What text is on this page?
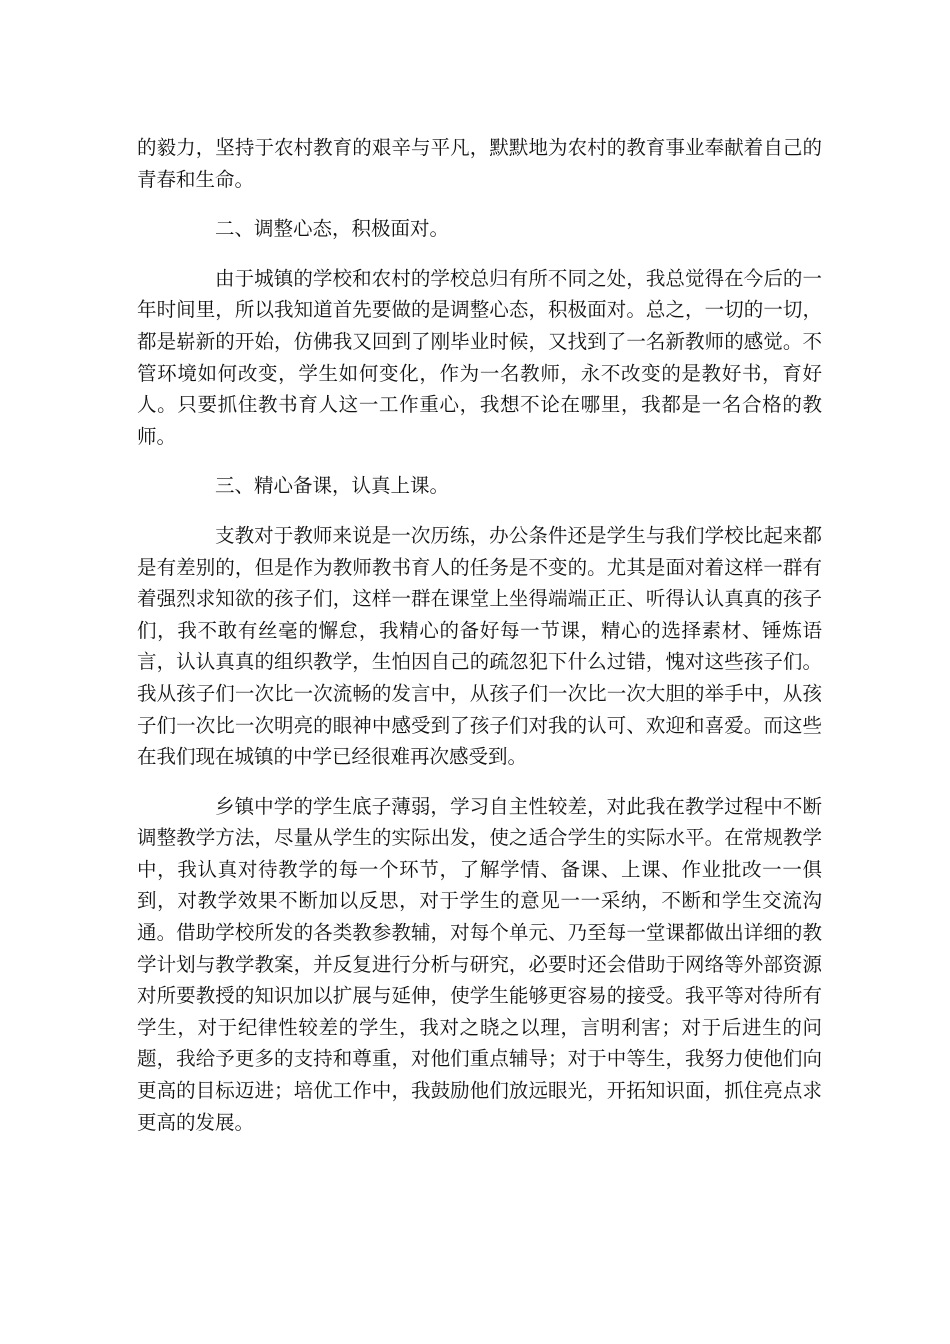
的毅力，坚持于农村教育的艰辛与平凡，默默地为农村的教育事业奉献着自己的青春和生命。

二、调整心态，积极面对。

由于城镇的学校和农村的学校总归有所不同之处，我总觉得在今后的一年时间里，所以我知道首先要做的是调整心态，积极面对。总之，一切的一切，都是崭新的开始，仿佛我又回到了刚毕业时候，又找到了一名新教师的感觉。不管环境如何改变，学生如何变化，作为一名教师，永不改变的是教好书，育好人。只要抓住教书育人这一工作重心，我想不论在哪里，我都是一名合格的教师。

三、精心备课，认真上课。

支教对于教师来说是一次历练，办公条件还是学生与我们学校比起来都是有差别的，但是作为教师教书育人的任务是不变的。尤其是面对着这样一群有着强烈求知欲的孩子们，这样一群在课堂上坐得端端正正、听得认认真真的孩子们，我不敢有丝毫的懈怠，我精心的备好每一节课，精心的选择素材、锤炼语言，认认真真的组织教学，生怕因自己的疏忽犯下什么过错，愧对这些孩子们。我从孩子们一次比一次流畅的发言中，从孩子们一次比一次大胆的举手中，从孩子们一次比一次明亮的眼神中感受到了孩子们对我的认可、欢迎和喜爱。而这些在我们现在城镇的中学已经很难再次感受到。

乡镇中学的学生底子薄弱，学习自主性较差，对此我在教学过程中不断调整教学方法，尽量从学生的实际出发，使之适合学生的实际水平。在常规教学中，我认真对待教学的每一个环节，了解学情、备课、上课、作业批改一一俱到，对教学效果不断加以反思，对于学生的意见一一采纳，不断和学生交流沟通。借助学校所发的各类教参教辅，对每个单元、乃至每一堂课都做出详细的教学计划与教学教案，并反复进行分析与研究，必要时还会借助于网络等外部资源对所要教授的知识加以扩展与延伸，使学生能够更容易的接受。我平等对待所有学生，对于纪律性较差的学生，我对之晓之以理，言明利害；对于后进生的问题，我给予更多的支持和尊重，对他们重点辅导；对于中等生，我努力使他们向更高的目标迈进；培优工作中，我鼓励他们放远眼光，开拓知识面，抓住亮点求更高的发展。
